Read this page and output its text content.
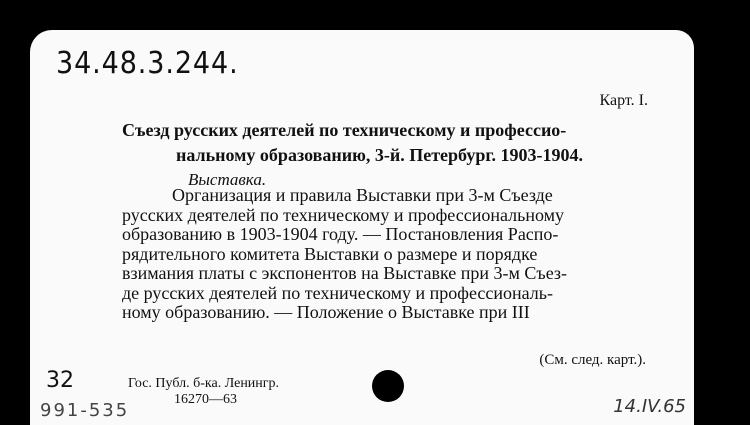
34.48.3.244.
Карт. I.
Съезд русских деятелей по техническому и профессио-
нальному образованию, 3-й. Петербург. 1903-1904.
Выставка.
Организация и правила Выставки при 3-м Съезде
русских деятелей по техническому и профессиональному
образованию в 1903-1904 году. — Постановления Распо-
рядительного комитета Выставки о размере и порядке
взимания платы с экспонентов на Выставке при 3-м Съез-
де русских деятелей по техническому и профессиональ-
ному образованию. — Положение о Выставке при III
(См. след. карт.).
32	Гос. Публ. б-ка. Ленингр.
16270—63
991-535	14.IV.65
